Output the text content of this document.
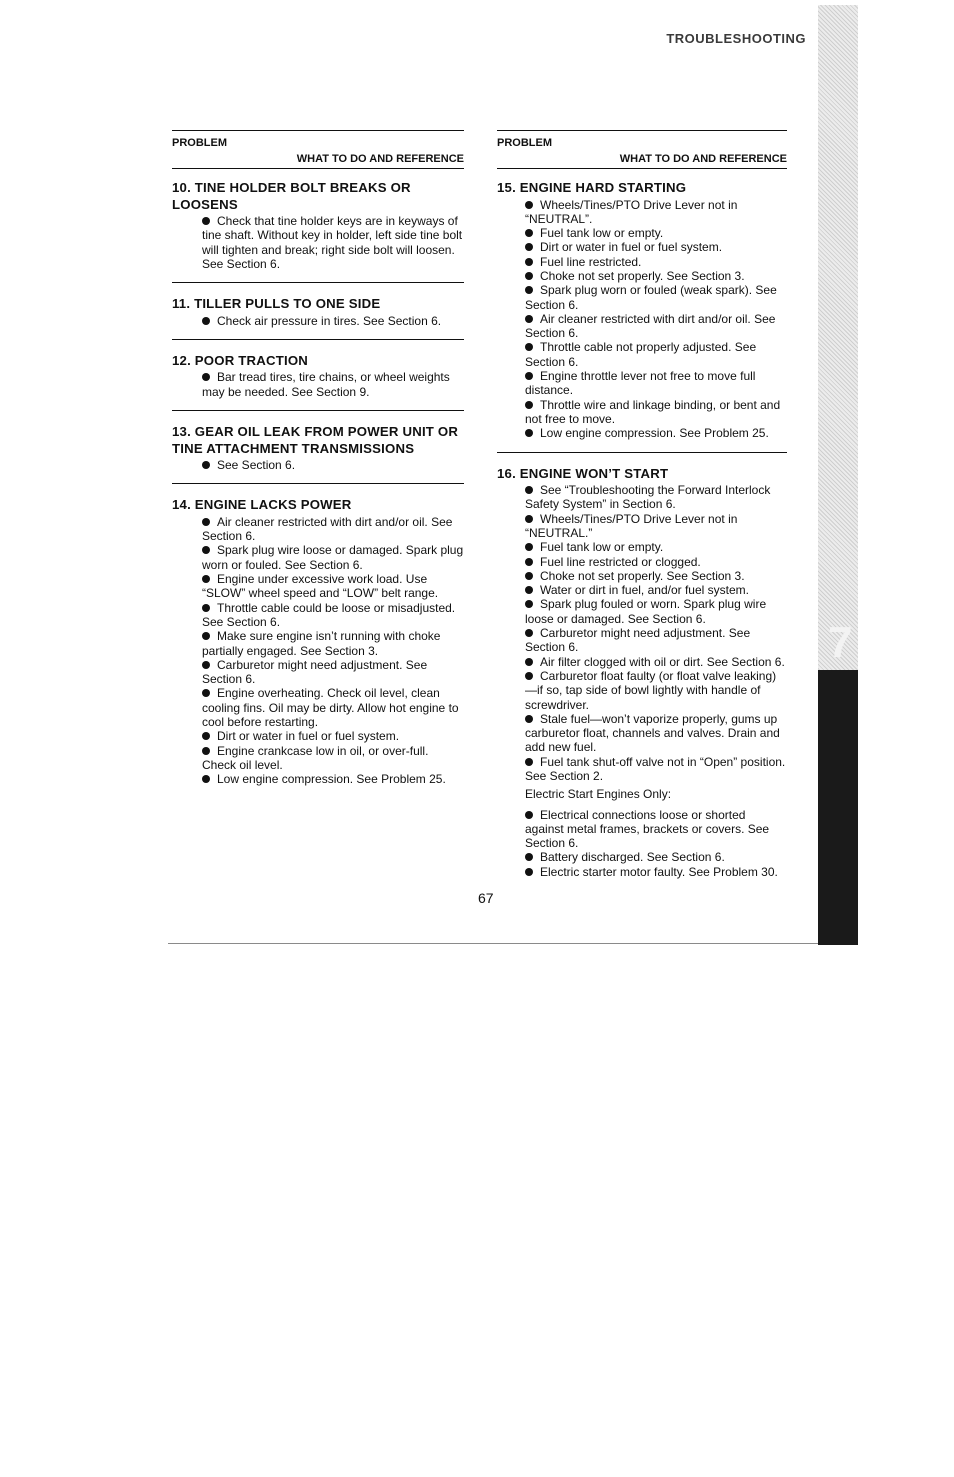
7
TROUBLESHOOTING
PROBLEM
WHAT TO DO AND REFERENCE
10. TINE HOLDER BOLT BREAKS OR LOOSENS
Check that tine holder keys are in keyways of tine shaft. Without key in holder, left side tine bolt will tighten and break; right side bolt will loosen. See Section 6.
11. TILLER PULLS TO ONE SIDE
Check air pressure in tires. See Section 6.
12. POOR TRACTION
Bar tread tires, tire chains, or wheel weights may be needed. See Section 9.
13. GEAR OIL LEAK FROM POWER UNIT OR TINE ATTACHMENT TRANSMISSIONS
See Section 6.
14. ENGINE LACKS POWER
Air cleaner restricted with dirt and/or oil. See Section 6.
Spark plug wire loose or damaged. Spark plug worn or fouled. See Section 6.
Engine under excessive work load. Use “SLOW” wheel speed and “LOW” belt range.
Throttle cable could be loose or misadjusted. See Section 6.
Make sure engine isn’t running with choke partially engaged. See Section 3.
Carburetor might need adjustment. See Section 6.
Engine overheating. Check oil level, clean cooling fins. Oil may be dirty. Allow hot engine to cool before restarting.
Dirt or water in fuel or fuel system.
Engine crankcase low in oil, or over-full. Check oil level.
Low engine compression. See Problem 25.
PROBLEM
WHAT TO DO AND REFERENCE
15. ENGINE HARD STARTING
Wheels/Tines/PTO Drive Lever not in “NEUTRAL”.
Fuel tank low or empty.
Dirt or water in fuel or fuel system.
Fuel line restricted.
Choke not set properly. See Section 3.
Spark plug worn or fouled (weak spark). See Section 6.
Air cleaner restricted with dirt and/or oil. See Section 6.
Throttle cable not properly adjusted. See Section 6.
Engine throttle lever not free to move full distance.
Throttle wire and linkage binding, or bent and not free to move.
Low engine compression. See Problem 25.
16. ENGINE WON’T START
See “Troubleshooting the Forward Interlock Safety System” in Section 6.
Wheels/Tines/PTO Drive Lever not in “NEUTRAL.”
Fuel tank low or empty.
Fuel line restricted or clogged.
Choke not set properly. See Section 3.
Water or dirt in fuel, and/or fuel system.
Spark plug fouled or worn. Spark plug wire loose or damaged. See Section 6.
Carburetor might need adjustment. See Section 6.
Air filter clogged with oil or dirt. See Section 6.
Carburetor float faulty (or float valve leaking) —if so, tap side of bowl lightly with handle of screwdriver.
Stale fuel—won’t vaporize properly, gums up carburetor float, channels and valves. Drain and add new fuel.
Fuel tank shut-off valve not in “Open” position. See Section 2.
Electric Start Engines Only:
Electrical connections loose or shorted against metal frames, brackets or covers. See Section 6.
Battery discharged. See Section 6.
Electric starter motor faulty. See Problem 30.
67
